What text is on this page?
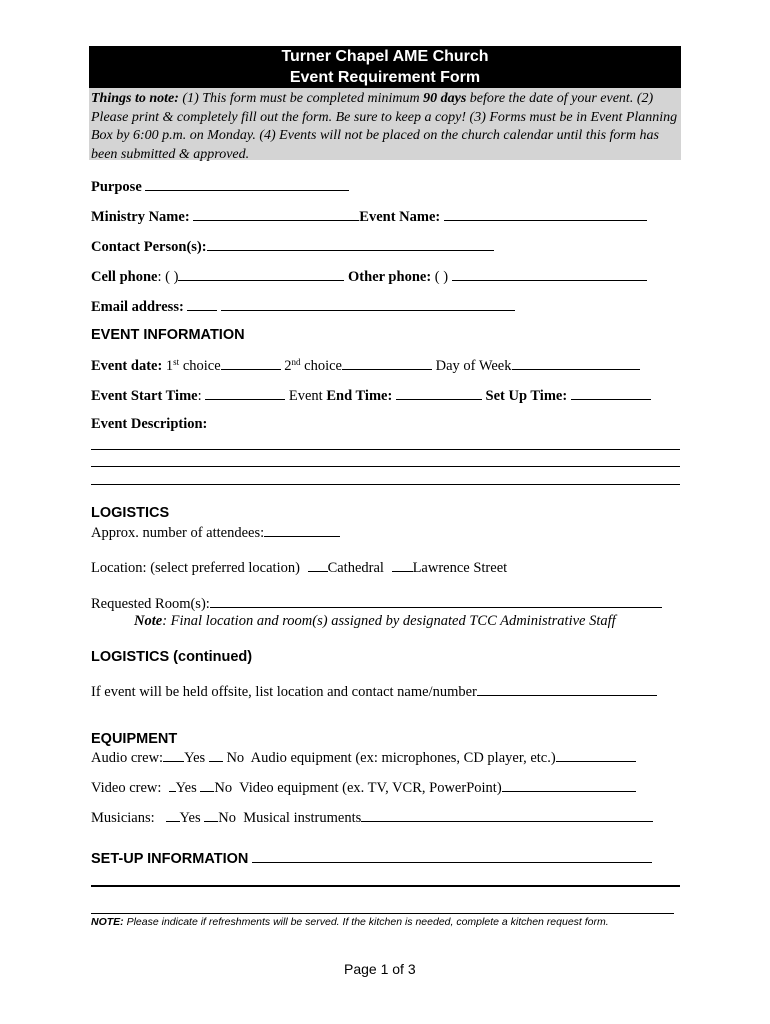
Turner Chapel AME Church
Event Requirement Form
Things to note: (1) This form must be completed minimum 90 days before the date of your event. (2) Please print & completely fill out the form. Be sure to keep a copy! (3) Forms must be in Event Planning Box by 6:00 p.m. on Monday. (4) Events will not be placed on the church calendar until this form has been submitted & approved.
Purpose
Ministry Name:	Event Name:
Contact Person(s):
Cell phone: ( )	Other phone: ( )
Email address:
EVENT INFORMATION
Event date: 1st choice	2nd choice	Day of Week
Event Start Time:	Event End Time:	Set Up Time:
Event Description:
LOGISTICS
Approx. number of attendees:
Location: (select preferred location) Cathedral Lawrence Street
Requested Room(s):
Note: Final location and room(s) assigned by designated TCC Administrative Staff
LOGISTICS (continued)
If event will be held offsite, list location and contact name/number
EQUIPMENT
Audio crew: Yes No Audio equipment (ex: microphones, CD player, etc.)
Video crew: Yes No Video equipment (ex. TV, VCR, PowerPoint)
Musicians: Yes No Musical instruments
SET-UP INFORMATION
NOTE: Please indicate if refreshments will be served. If the kitchen is needed, complete a kitchen request form.
Page 1 of 3
